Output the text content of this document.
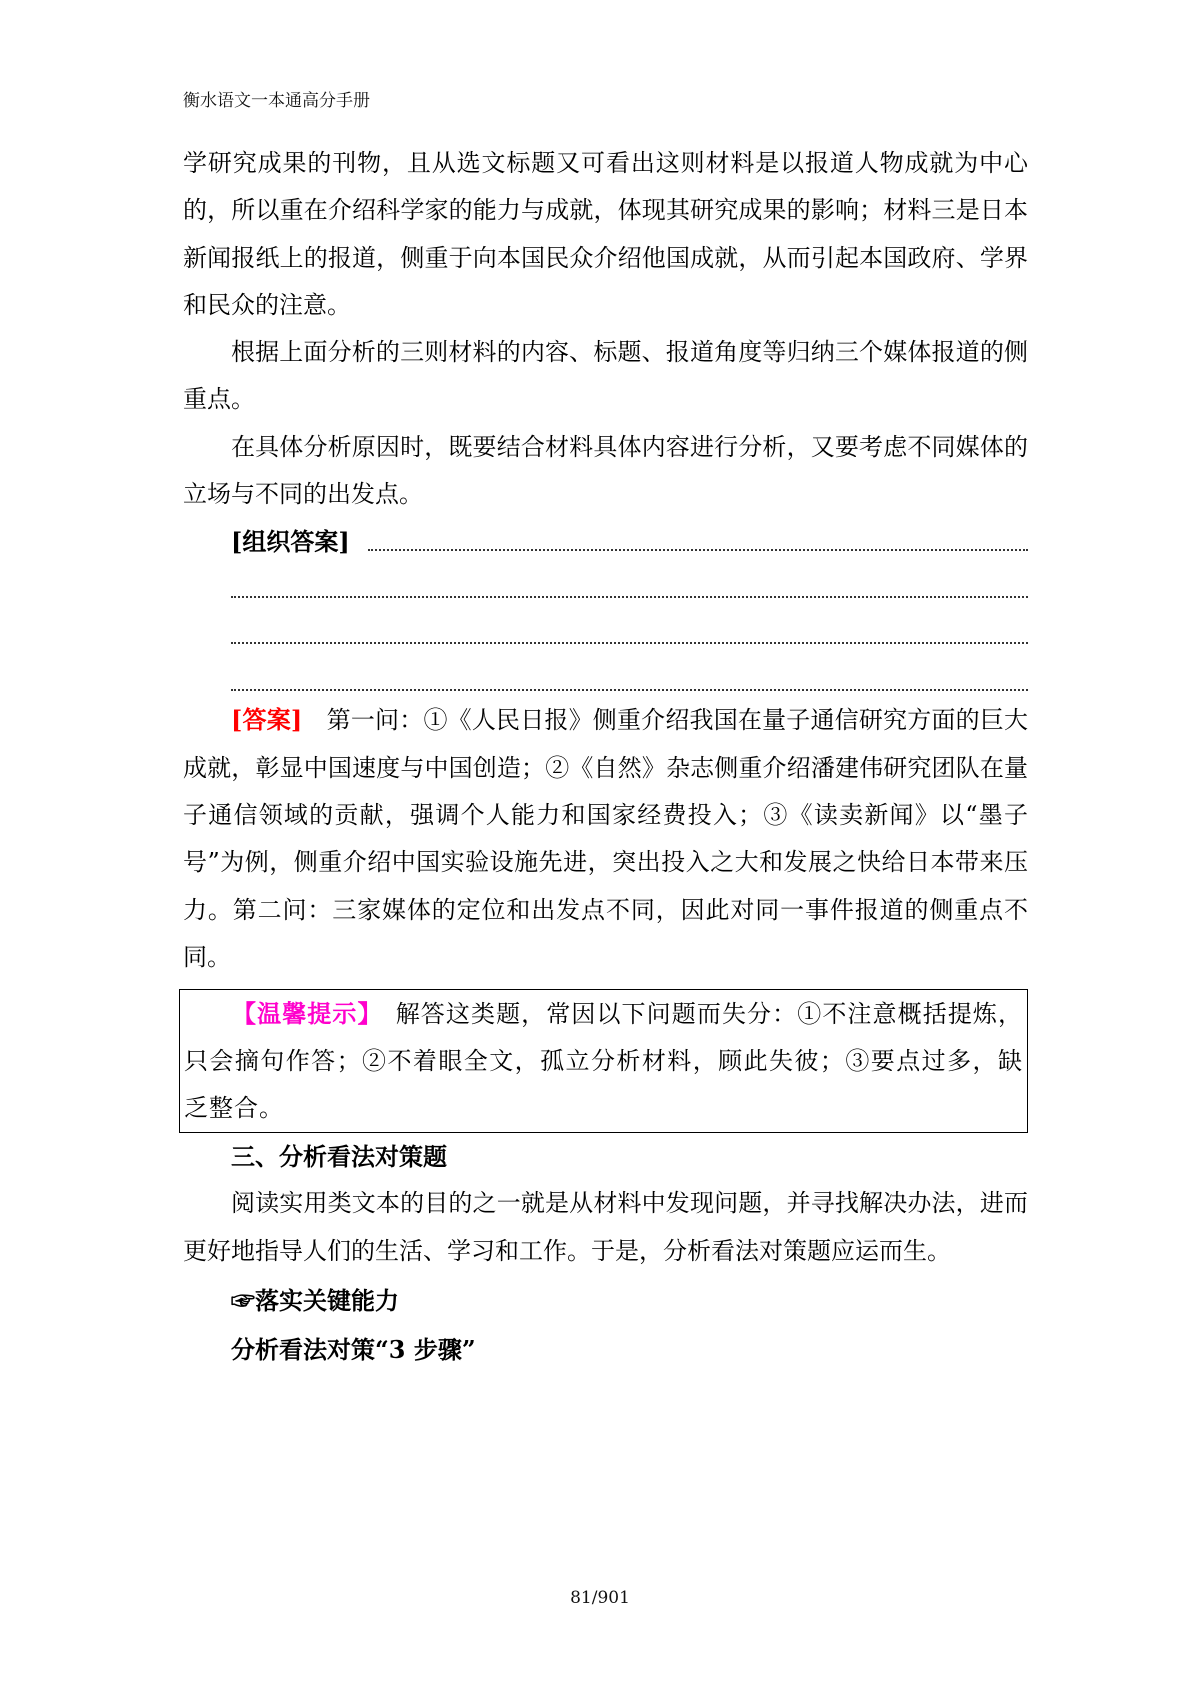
衡水语文一本通高分手册

学研究成果的刊物，且从选文标题又可看出这则材料是以报道人物成就为中心的，所以重在介绍科学家的能力与成就，体现其研究成果的影响；材料三是日本新闻报纸上的报道，侧重于向本国民众介绍他国成就，从而引起本国政府、学界和民众的注意。

根据上面分析的三则材料的内容、标题、报道角度等归纳三个媒体报道的侧重点。

在具体分析原因时，既要结合材料具体内容进行分析，又要考虑不同媒体的立场与不同的出发点。

[组织答案]

[答案]　第一问：①《人民日报》侧重介绍我国在量子通信研究方面的巨大成就，彰显中国速度与中国创造；②《自然》杂志侧重介绍潘建伟研究团队在量子通信领域的贡献，强调个人能力和国家经费投入；③《读卖新闻》以“墨子号”为例，侧重介绍中国实验设施先进，突出投入之大和发展之快给日本带来压力。第二问：三家媒体的定位和出发点不同，因此对同一事件报道的侧重点不同。

【温馨提示】　解答这类题，常因以下问题而失分：①不注意概括提炼，只会摘句作答；②不着眼全文，孤立分析材料，顾此失彼；③要点过多，缺乏整合。

三、分析看法对策题

阅读实用类文本的目的之一就是从材料中发现问题，并寻找解决办法，进而更好地指导人们的生活、学习和工作。于是，分析看法对策题应运而生。

☞落实关键能力

分析看法对策“3 步骤”

81/901
